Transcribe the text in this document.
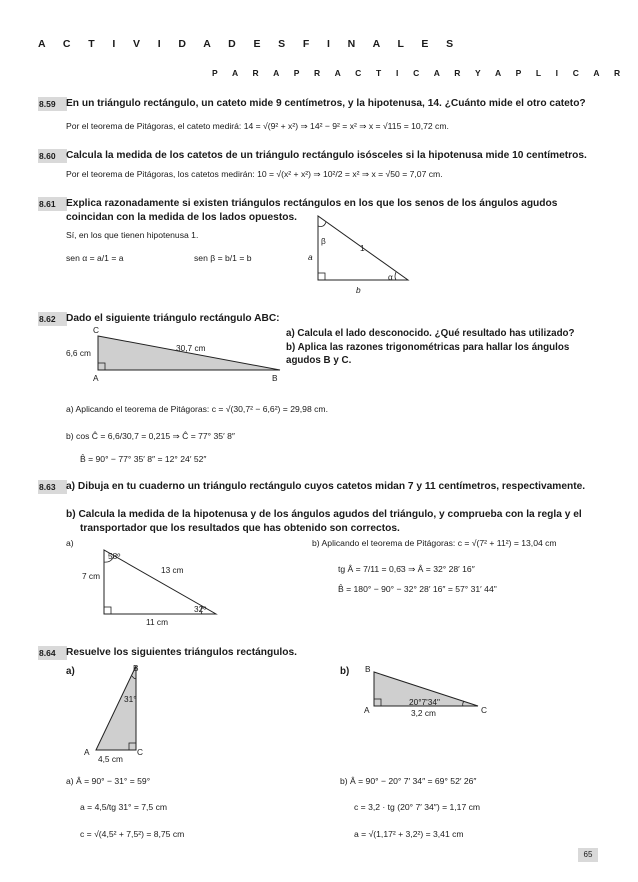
A C T I V I D A D E S F I N A L E S
P A R A P R A C T I C A R Y A P L I C A R
8.59	En un triángulo rectángulo, un cateto mide 9 centímetros, y la hipotenusa, 14. ¿Cuánto mide el otro cateto?
Por el teorema de Pitágoras, el cateto medirá: 14 = √(9² + x²) ⇒ 14² − 9² = x² ⇒ x = √115 = 10,72 cm.
8.60	Calcula la medida de los catetos de un triángulo rectángulo isósceles si la hipotenusa mide 10 centímetros.
Por el teorema de Pitágoras, los catetos medirán: 10 = √(x² + x²) ⇒ 10²/2 = x² ⇒ x = √50 = 7,07 cm.
8.61	Explica razonadamente si existen triángulos rectángulos en los que los senos de los ángulos agudos coincidan con la medida de los lados opuestos.
Sí, en los que tienen hipotenusa 1.
sen α = a/1 = a	sen β = b/1 = b
β
α
1
a
b
8.62	Dado el siguiente triángulo rectángulo ABC:
a) Calcula el lado desconocido. ¿Qué resultado has utilizado?
b) Aplica las razones trigonométricas para hallar los ángulos agudos B y C.
C
A	B
6,6 cm	30,7 cm
a) Aplicando el teorema de Pitágoras: c = √(30,7² − 6,6²) = 29,98 cm.
b) cos Ĉ = 6,6/30,7 = 0,215 ⇒ Ĉ = 77° 35′ 8″
B̂ = 90° − 77° 35′ 8″ = 12° 24′ 52″
8.63	a) Dibuja en tu cuaderno un triángulo rectángulo cuyos catetos midan 7 y 11 centímetros, respectivamente.
b) Calcula la medida de la hipotenusa y de los ángulos agudos del triángulo, y comprueba con la regla y el transportador que los resultados que has obtenido son correctos.
a)
58º
32º
13 cm
7 cm
11 cm
b) Aplicando el teorema de Pitágoras: c = √(7² + 11²) = 13,04 cm
tg Â = 7/11 = 0,6̄3 ⇒ Â = 32° 28′ 16″
B̂ = 180° − 90° − 32° 28′ 16″ = 57° 31′ 44"
8.64	Resuelve los siguientes triángulos rectángulos.
a)	b)
B
A	C
31°
4,5 cm
B
A	C
20°7'34"
3,2 cm
a) Â = 90° − 31° = 59°
a = 4,5/tg 31° = 7,5 cm
c = √(4,5² + 7,5²) = 8,75 cm
b) Â = 90° − 20° 7′ 34″ = 69° 52′ 26″
c = 3,2 · tg (20° 7′ 34″) = 1,17 cm
a = √(1,17² + 3,2²) = 3,41 cm
65
